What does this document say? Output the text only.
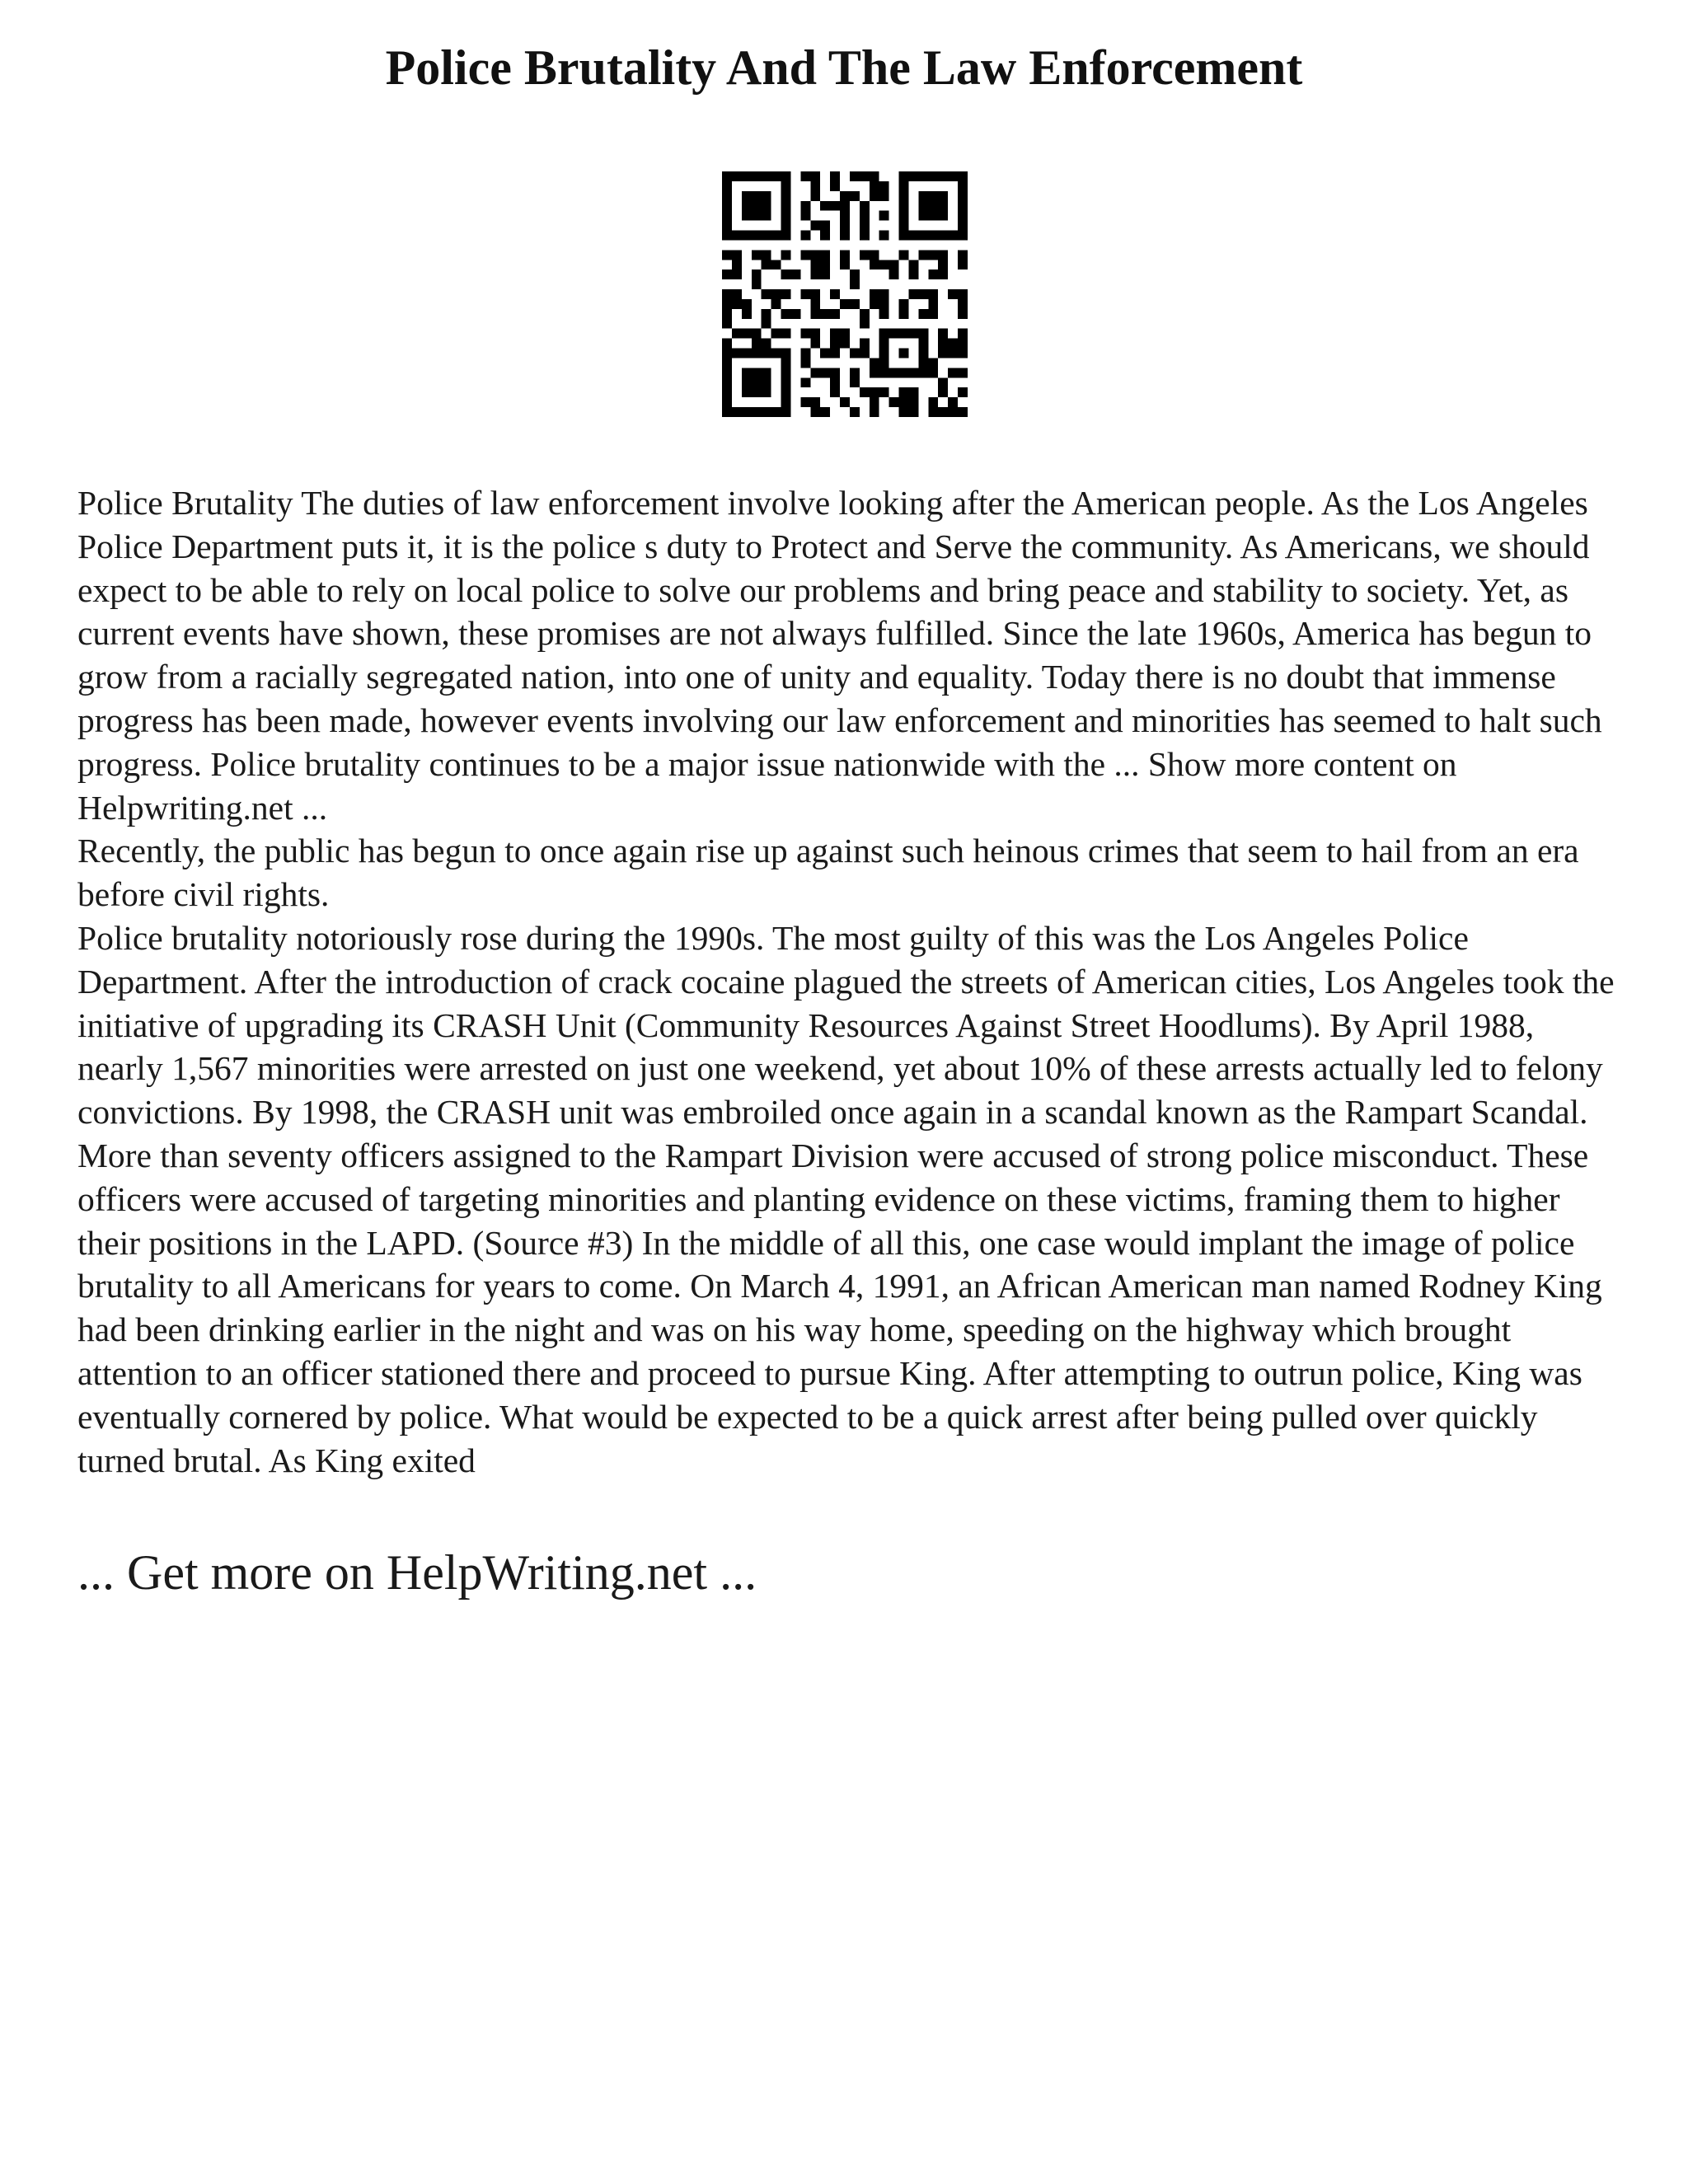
Police Brutality And The Law Enforcement

Police Brutality The duties of law enforcement involve looking after the American people. As the Los Angeles Police Department puts it, it is the police s duty to Protect and Serve the community. As Americans, we should expect to be able to rely on local police to solve our problems and bring peace and stability to society. Yet, as current events have shown, these promises are not always fulfilled. Since the late 1960s, America has begun to grow from a racially segregated nation, into one of unity and equality. Today there is no doubt that immense progress has been made, however events involving our law enforcement and minorities has seemed to halt such progress. Police brutality continues to be a major issue nationwide with the ... Show more content on Helpwriting.net ...

Recently, the public has begun to once again rise up against such heinous crimes that seem to hail from an era before civil rights.

Police brutality notoriously rose during the 1990s. The most guilty of this was the Los Angeles Police Department. After the introduction of crack cocaine plagued the streets of American cities, Los Angeles took the initiative of upgrading its CRASH Unit (Community Resources Against Street Hoodlums). By April 1988, nearly 1,567 minorities were arrested on just one weekend, yet about 10% of these arrests actually led to felony convictions. By 1998, the CRASH unit was embroiled once again in a scandal known as the Rampart Scandal. More than seventy officers assigned to the Rampart Division were accused of strong police misconduct. These officers were accused of targeting minorities and planting evidence on these victims, framing them to higher their positions in the LAPD. (Source #3) In the middle of all this, one case would implant the image of police brutality to all Americans for years to come. On March 4, 1991, an African American man named Rodney King had been drinking earlier in the night and was on his way home, speeding on the highway which brought attention to an officer stationed there and proceed to pursue King. After attempting to outrun police, King was eventually cornered by police. What would be expected to be a quick arrest after being pulled over quickly turned brutal. As King exited

... Get more on HelpWriting.net ...
